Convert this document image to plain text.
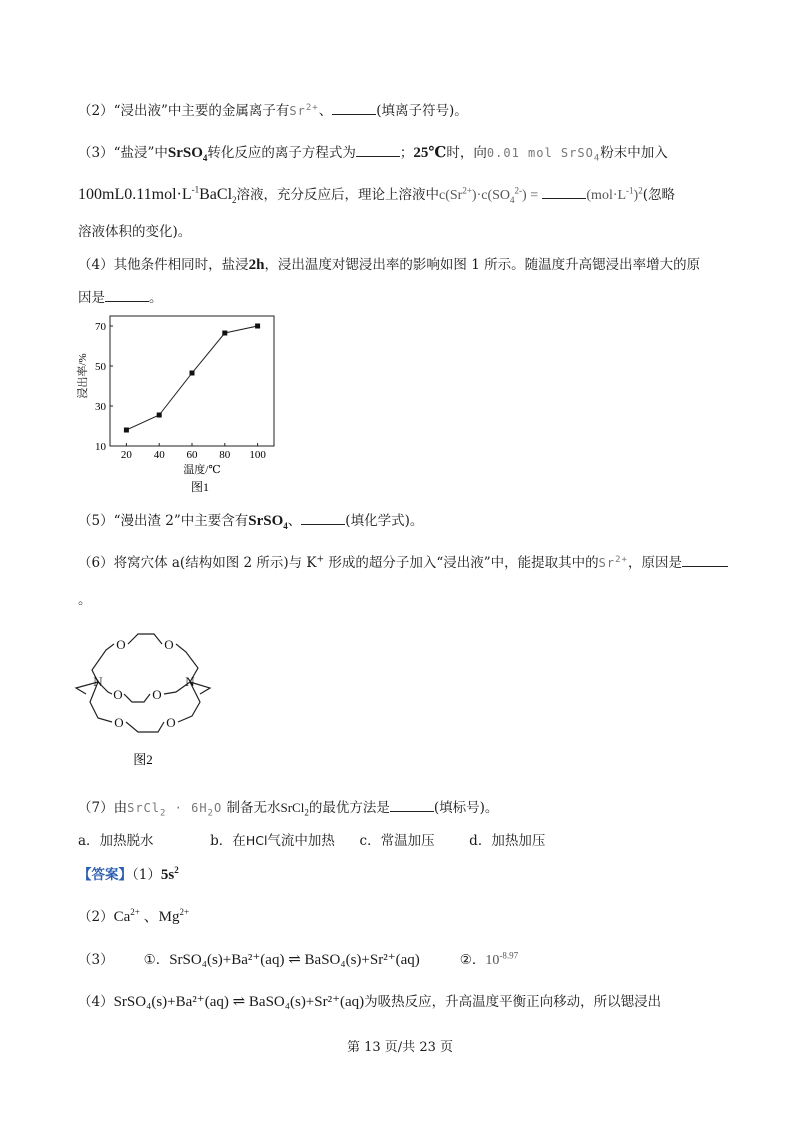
（2）“浸出液”中主要的金属离子有$Sr^{2+}$、	(填离子符号)。
（3）“盐浸”中SrSO$_4$转化反应的离子方程式为	；25℃时，向0.01 mol SrSO$_4$粉末中加入
$100mL0.11mol\cdot L^{-1}BaCl_2$溶液，充分反应后，理论上溶液中$c(Sr^{2+})\cdot c(SO_4^{2-})$ =	$(mol\cdot L^{-1})^2$(忽略
溶液体积的变化)。
（4）其他条件相同时，盐浸2h，浸出温度对锶浸出率的影响如图 1 所示。随温度升高锶浸出率增大的原
因是	。
20 40 60 80 100
10
30
50
70
浸出率/%
温度/℃
图1
（5）“漫出渣 2”中主要含有SrSO$_4$、	(填化学式)。
（6）将窝穴体 a(结构如图 2 所示)与 K+ 形成的超分子加入“浸出液”中，能提取其中的$Sr^{2+}$，原因是
。
O	O
O O
O	O
N	N
图2
（7）由SrCl$_2$ · $6H_2O$ 制备无水SrCl$_2$的最优方法是	(填标号)。
a．加热脱水	b．在HCl气流中加热 c．常温加压	d．加热加压
【答案】$(1)5s^2$
$(2)Ca^{2+}$ 、$Mg^{2+}$
（3） ①．SrSO₄(s)+Ba²⁺(aq) ⇌ BaSO₄(s)+Sr²⁺(aq)	②．$10^{-8.97}$
（4）SrSO₄(s)+Ba²⁺(aq) ⇌ BaSO₄(s)+Sr²⁺(aq)为吸热反应，升高温度平衡正向移动，所以锶浸出
第 13 页/共 23 页
